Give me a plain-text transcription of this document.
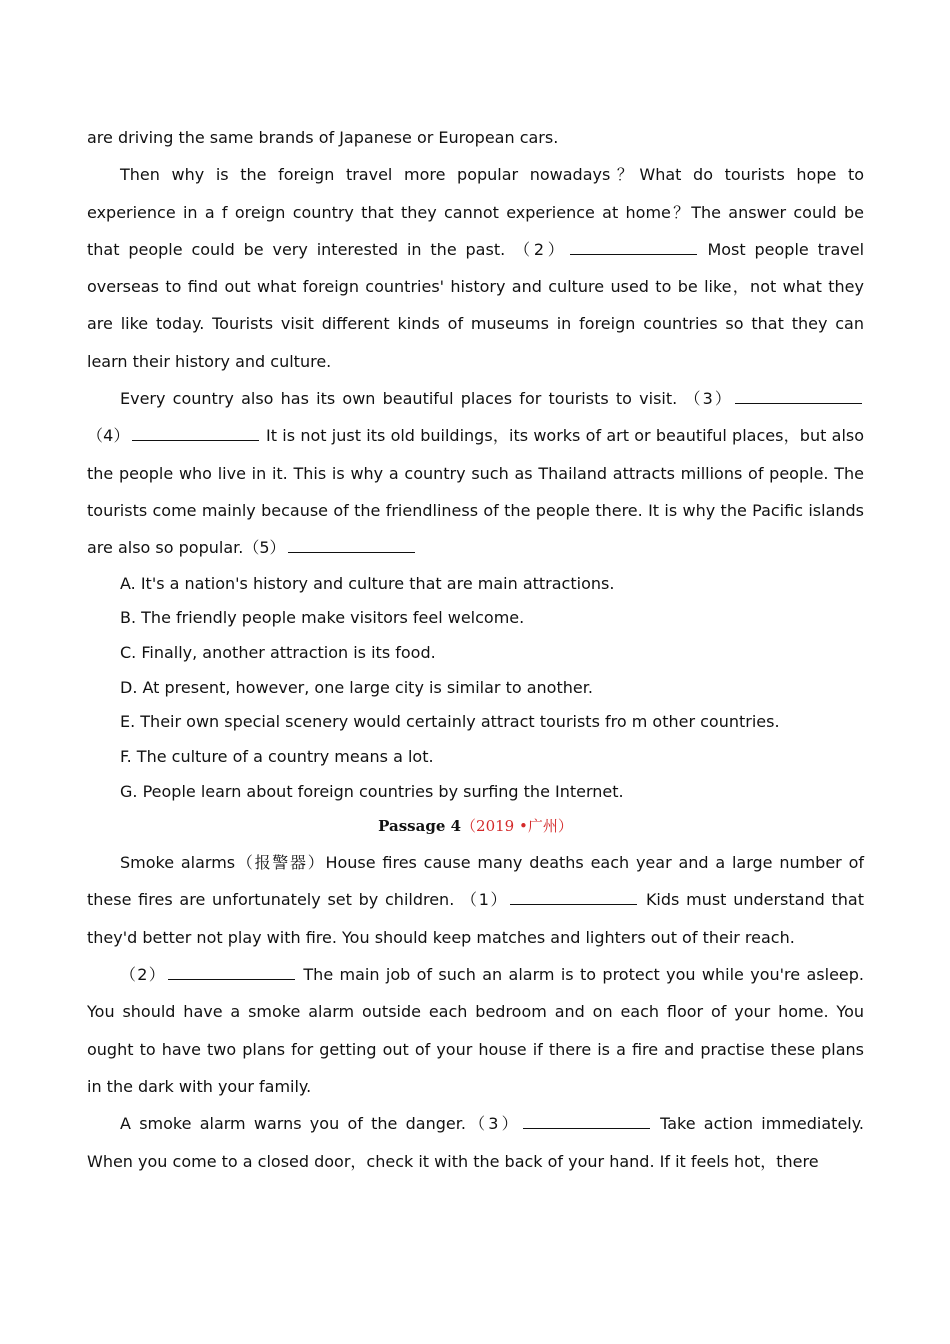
are driving the same brands of Japanese or European cars.

Then why is the foreign travel more popular nowadays？What do tourists hope to experience in a f oreign country that they cannot experience at home？The answer could be that people could be very interested in the past. （2）	Most people travel overseas to find out what foreign countries' history and culture used to be like，not what they are like today. Tourists visit different kinds of museums in foreign countries so that they can learn their history and culture.

Every country also has its own beautiful places for tourists to visit. （3） （4）	It is not just its old buildings，its works of art or beautiful places，but also the people who live in it. This is why a country such as Thailand attracts millions of people. The tourists come mainly because of the friendliness of the people there. It is why the Pacific islands are also so popular.（5）

A. It's a nation's history and culture that are main attractions.

B. The friendly people make visitors feel welcome.

C. Finally, another attraction is its food.

D. At present, however, one large city is similar to another.

E. Their own special scenery would certainly attract tourists fro m other countries.

F. The culture of a country means a lot.

G. People learn about foreign countries by surfing the Internet.

Passage 4（2019 •广州）

Smoke alarms（报警器）House fires cause many deaths each year and a large number of these fires are unfortunately set by children. （1）	Kids must understand that they'd better not play with fire. You should keep matches and lighters out of their reach.

（2）	The main job of such an alarm is to protect you while you're asleep. You should have a smoke alarm outside each bedroom and on each floor of your home. You ought to have two plans for getting out of your house if there is a fire and practise these plans in the dark with your family.

A smoke alarm warns you of the danger.（3）	Take action immediately. When you come to a closed door，check it with the back of your hand. If it feels hot，there
